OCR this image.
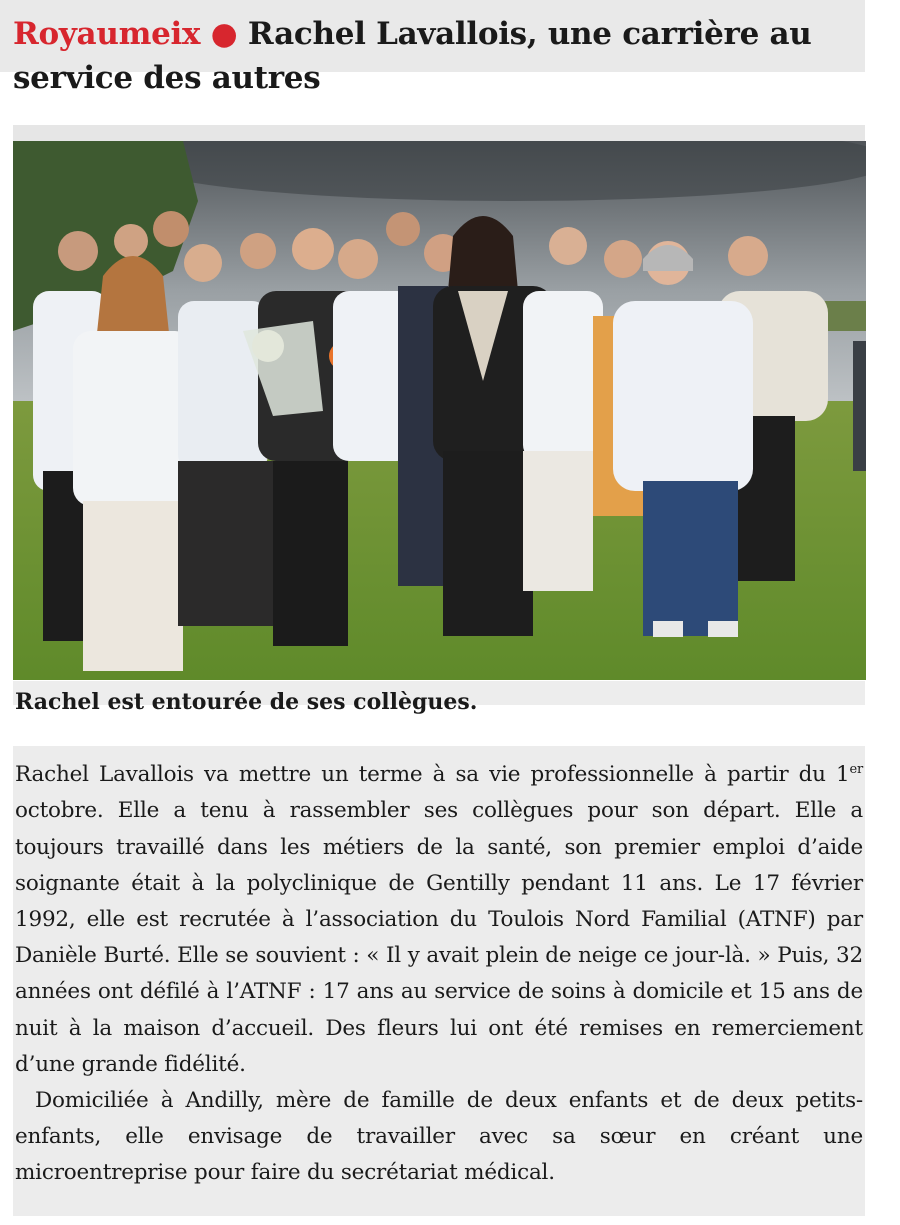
Royaumeix ● Rachel Lavallois, une carrière au service des autres
Rachel est entourée de ses collègues.

Rachel Lavallois va mettre un terme à sa vie professionnelle à partir du 1er octobre. Elle a tenu à rassembler ses collègues pour son départ. Elle a toujours travaillé dans les métiers de la santé, son premier emploi d’aide soignante était à la polyclinique de Gentilly pendant 11 ans. Le 17 février 1992, elle est recrutée à l’association du Toulois Nord Familial (ATNF) par Danièle Burté. Elle se souvient : « Il y avait plein de neige ce jour-là. » Puis, 32 années ont défilé à l’ATNF : 17 ans au service de soins à domicile et 15 ans de nuit à la maison d’accueil. Des fleurs lui ont été remises en remerciement d’une grande fidélité.

Domiciliée à Andilly, mère de famille de deux enfants et de deux petits-enfants, elle envisage de travailler avec sa sœur en créant une microentreprise pour faire du secrétariat médical.
